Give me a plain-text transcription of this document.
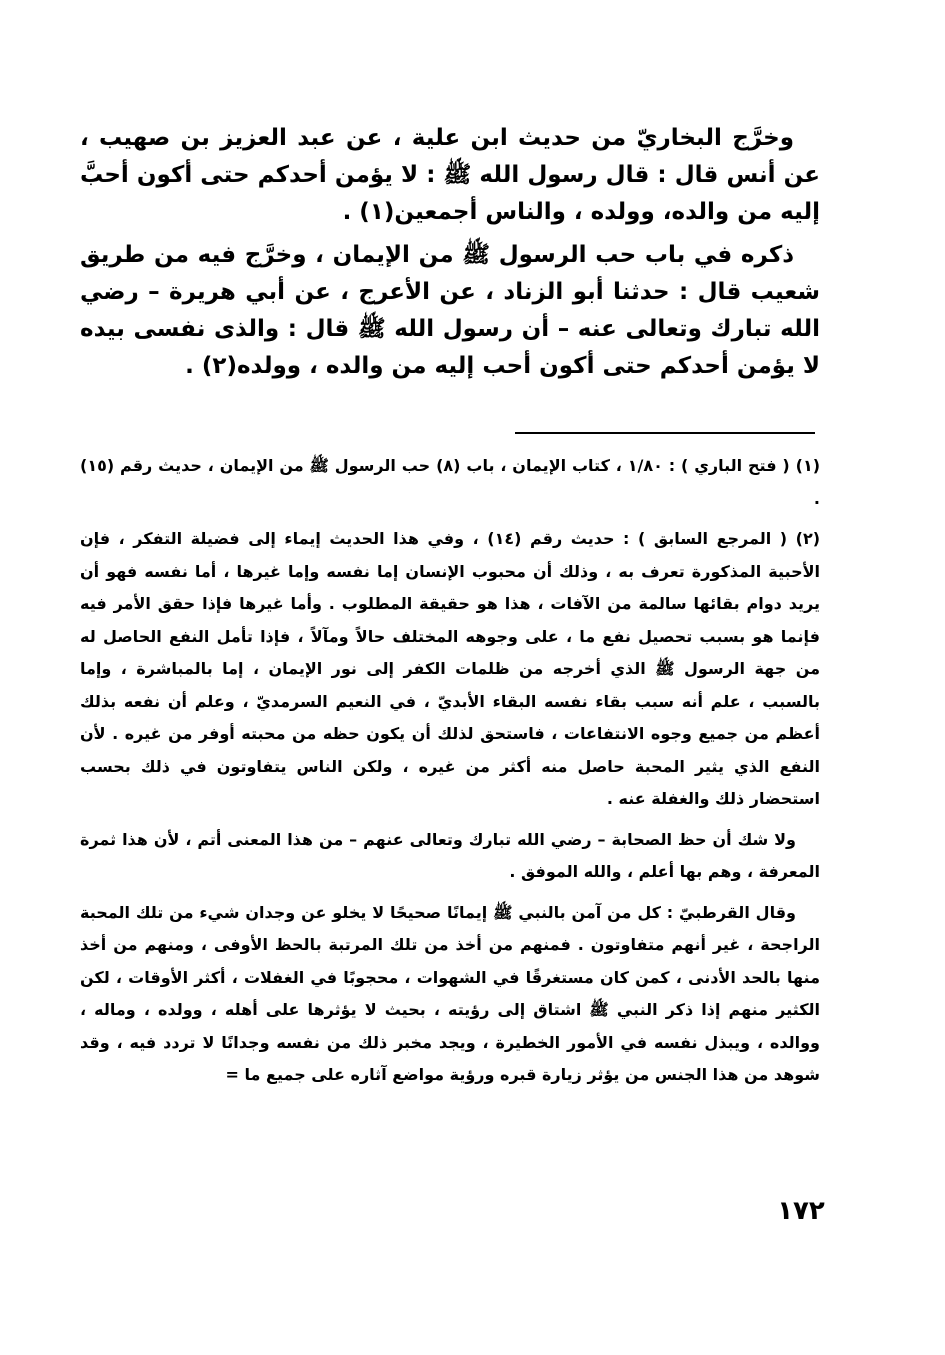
وخرَّج البخاريّ من حديث ابن علية ، عن عبد العزيز بن صهيب ، عن أنس قال : قال رسول الله ﷺ : لا يؤمن أحدكم حتى أكون أحبَّ إليه من والده، وولده ، والناس أجمعين(١) .

ذكره في باب حب الرسول ﷺ من الإيمان ، وخرَّج فيه من طريق شعيب قال : حدثنا أبو الزناد ، عن الأعرج ، عن أبي هريرة – رضي الله تبارك وتعالى عنه – أن رسول الله ﷺ قال : والذى نفسى بيده لا يؤمن أحدكم حتى أكون أحب إليه من والده ، وولده(٢) .

(١) ( فتح الباري ) : ١/٨٠ ، كتاب الإيمان ، باب (٨) حب الرسول ﷺ من الإيمان ، حديث رقم (١٥) .

(٢) ( المرجع السابق ) : حديث رقم (١٤) ، وفي هذا الحديث إيماء إلى فضيلة التفكر ، فإن الأحبية المذكورة تعرف به ، وذلك أن محبوب الإنسان إما نفسه وإما غيرها ، أما نفسه فهو أن يريد دوام بقائها سالمة من الآفات ، هذا هو حقيقة المطلوب . وأما غيرها فإذا حقق الأمر فيه فإنما هو بسبب تحصيل نفع ما ، على وجوهه المختلف حالاً ومآلاً ، فإذا تأمل النفع الحاصل له من جهة الرسول ﷺ الذي أخرجه من ظلمات الكفر إلى نور الإيمان ، إما بالمباشرة ، وإما بالسبب ، علم أنه سبب بقاء نفسه البقاء الأبديّ ، في النعيم السرمديّ ، وعلم أن نفعه بذلك أعظم من جميع وجوه الانتفاعات ، فاستحق لذلك أن يكون حظه من محبته أوفر من غيره . لأن النفع الذي يثير المحبة حاصل منه أكثر من غيره ، ولكن الناس يتفاوتون في ذلك بحسب استحضار ذلك والغفلة عنه .

ولا شك أن حظ الصحابة – رضي الله تبارك وتعالى عنهم – من هذا المعنى أتم ، لأن هذا ثمرة المعرفة ، وهم بها أعلم ، والله الموفق .

وقال القرطبيّ : كل من آمن بالنبي ﷺ إيمانًا صحيحًا لا يخلو عن وجدان شيء من تلك المحبة الراجحة ، غير أنهم متفاوتون . فمنهم من أخذ من تلك المرتبة بالحظ الأوفى ، ومنهم من أخذ منها بالحد الأدنى ، كمن كان مستغرقًا في الشهوات ، محجوبًا في الغفلات ، أكثر الأوقات ، لكن الكثير منهم إذا ذكر النبي ﷺ اشتاق إلى رؤيته ، بحيث لا يؤثرها على أهله ، وولده ، وماله ، ووالده ، ويبذل نفسه في الأمور الخطيرة ، ويجد مخبر ذلك من نفسه وجدانًا لا تردد فيه ، وقد شوهد من هذا الجنس من يؤثر زيارة قبره ورؤية مواضع آثاره على جميع ما =

١٧٢
